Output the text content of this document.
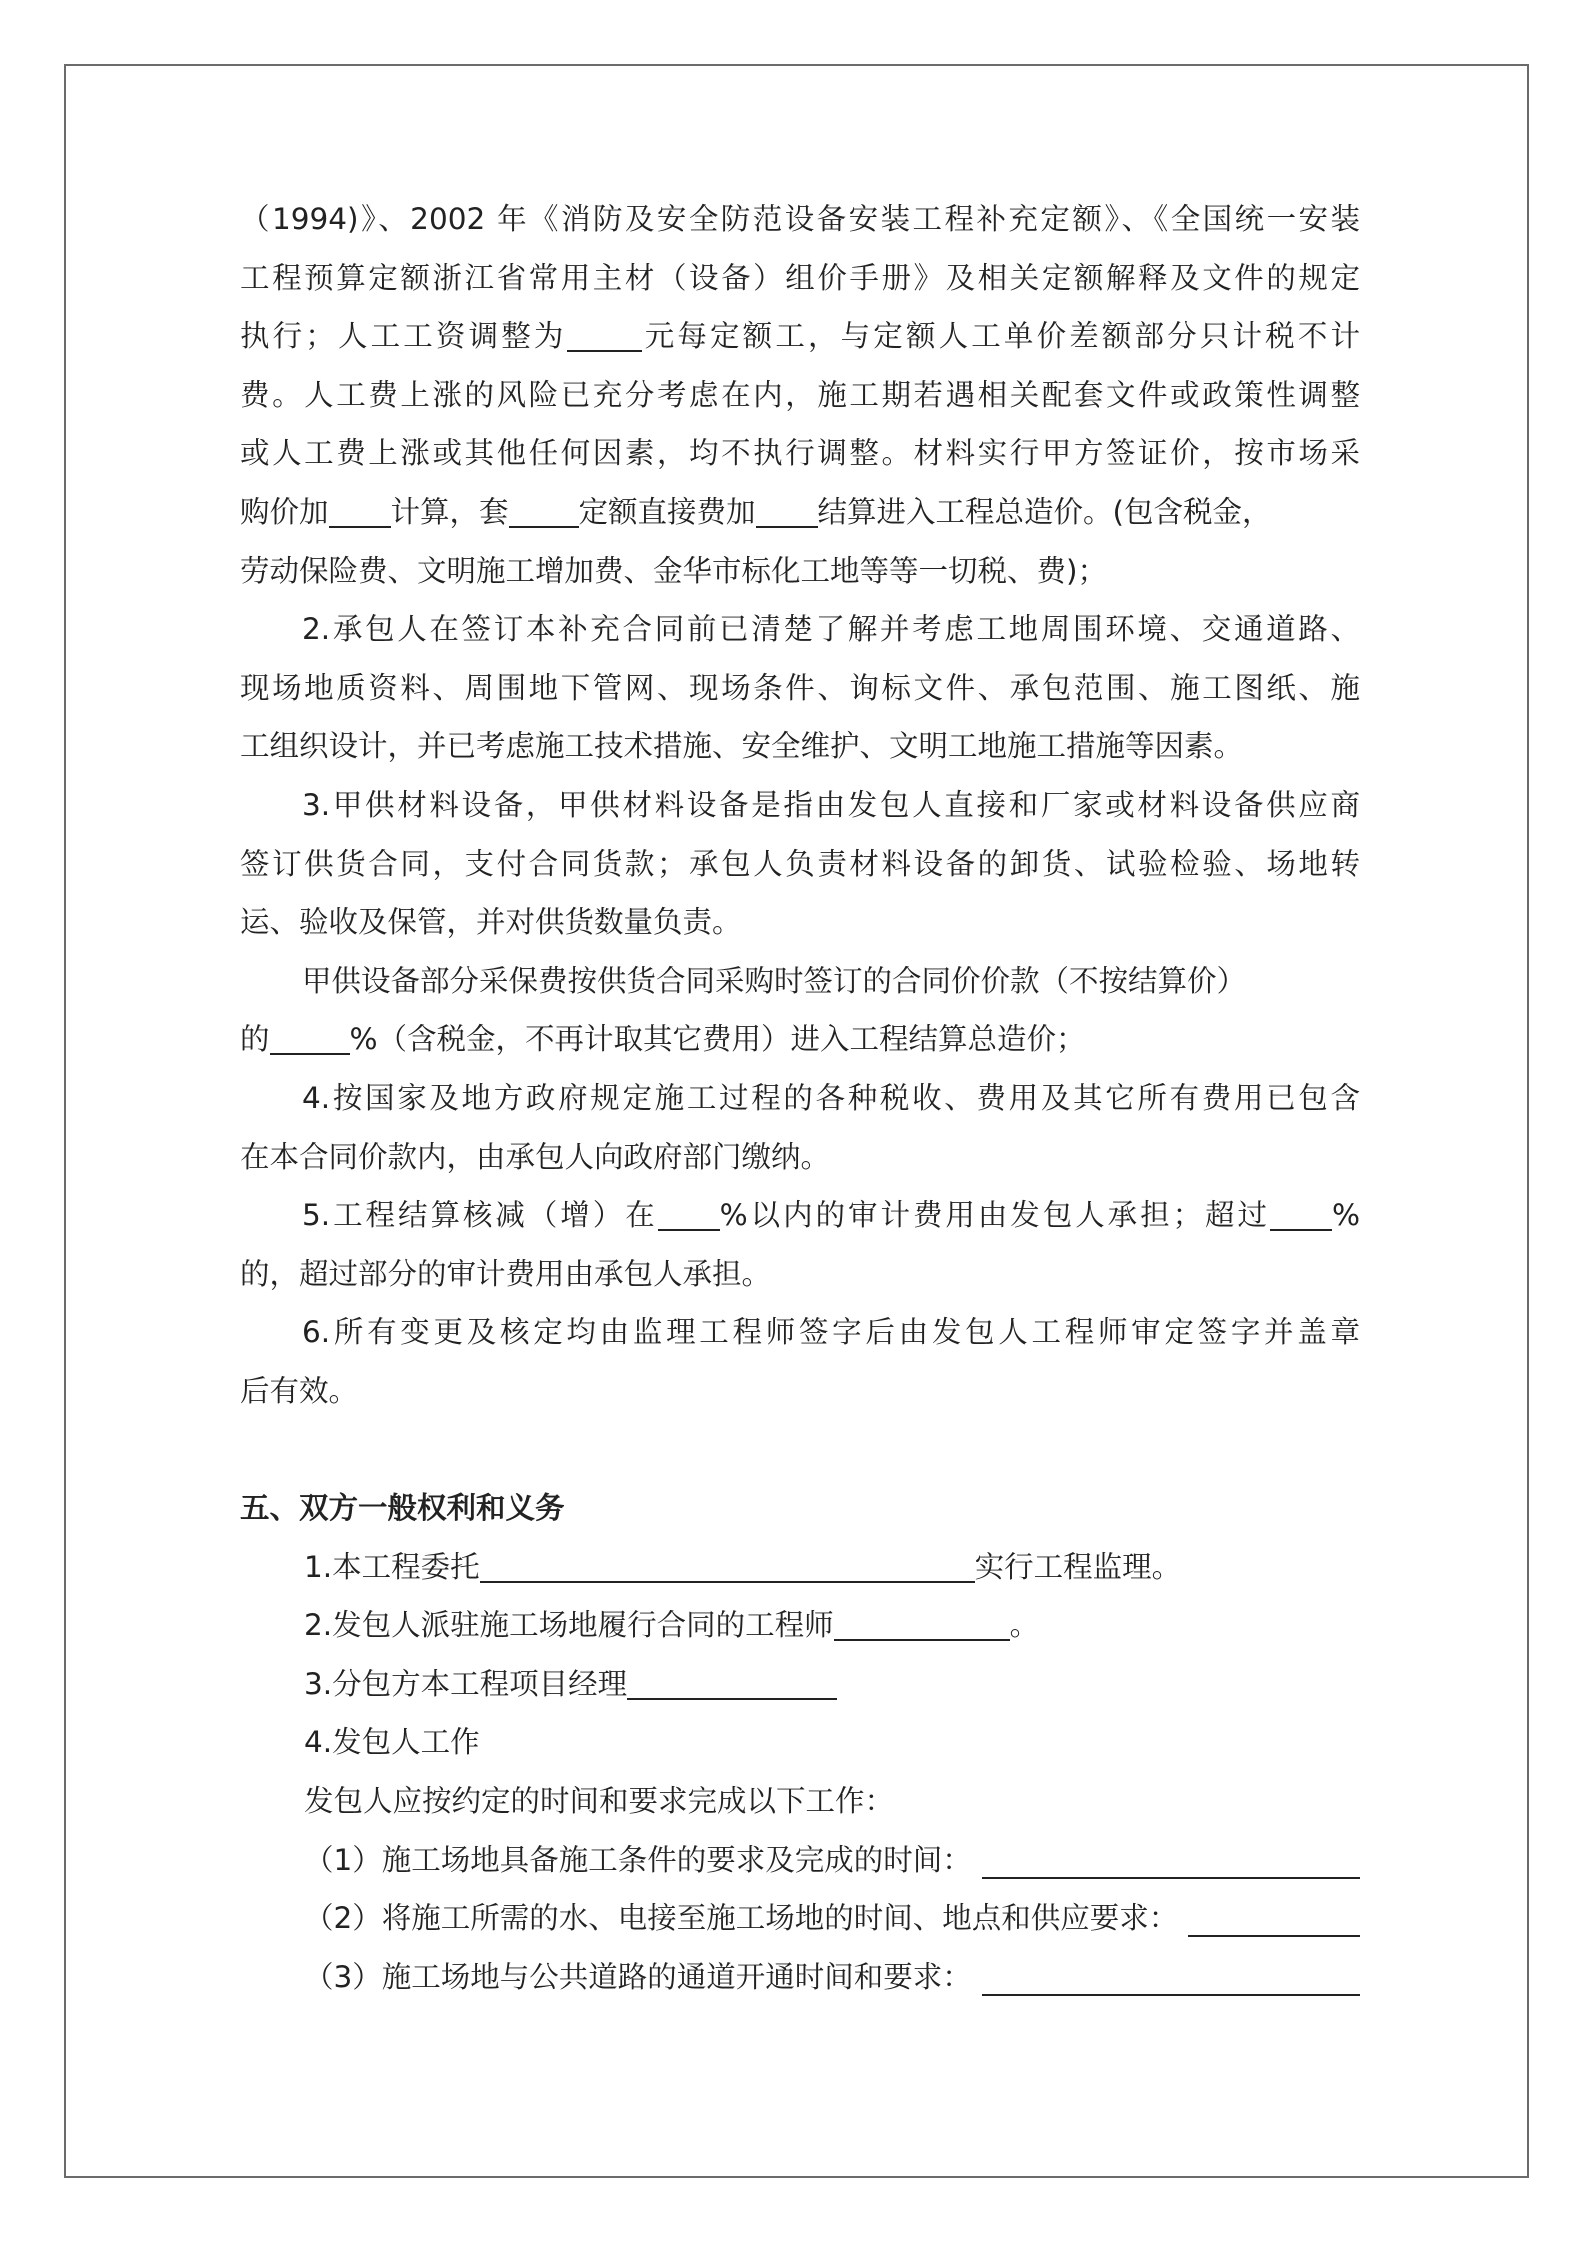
（1994)》、2002 年《消防及安全防范设备安装工程补充定额》、《全国统一安装
工程预算定额浙江省常用主材（设备）组价手册》及相关定额解释及文件的规定
执行；人工工资调整为	元每定额工，与定额人工单价差额部分只计税不计
费。人工费上涨的风险已充分考虑在内，施工期若遇相关配套文件或政策性调整
或人工费上涨或其他任何因素，均不执行调整。材料实行甲方签证价，按市场采
购价加 计算，套 定额直接费加 结算进入工程总造价。(包含税金，
劳动保险费、文明施工增加费、金华市标化工地等等一切税、费)；
2.承包人在签订本补充合同前已清楚了解并考虑工地周围环境、交通道路、
现场地质资料、周围地下管网、现场条件、询标文件、承包范围、施工图纸、施
工组织设计，并已考虑施工技术措施、安全维护、文明工地施工措施等因素。
3.甲供材料设备，甲供材料设备是指由发包人直接和厂家或材料设备供应商
签订供货合同，支付合同货款；承包人负责材料设备的卸货、试验检验、场地转
运、验收及保管，并对供货数量负责。
甲供设备部分采保费按供货合同采购时签订的合同价价款（不按结算价）
的	%（含税金，不再计取其它费用）进入工程结算总造价；
4.按国家及地方政府规定施工过程的各种税收、费用及其它所有费用已包含
在本合同价款内，由承包人向政府部门缴纳。
5.工程结算核减（增）在 %以内的审计费用由发包人承担；超过 %
的，超过部分的审计费用由承包人承担。
6.所有变更及核定均由监理工程师签字后由发包人工程师审定签字并盖章
后有效。
五、双方一般权利和义务
1.本工程委托	实行工程监理。
2.发包人派驻施工场地履行合同的工程师	。
3.分包方本工程项目经理
4.发包人工作
发包人应按约定的时间和要求完成以下工作：
（1）施工场地具备施工条件的要求及完成的时间：
（2）将施工所需的水、电接至施工场地的时间、地点和供应要求：
（3）施工场地与公共道路的通道开通时间和要求：
